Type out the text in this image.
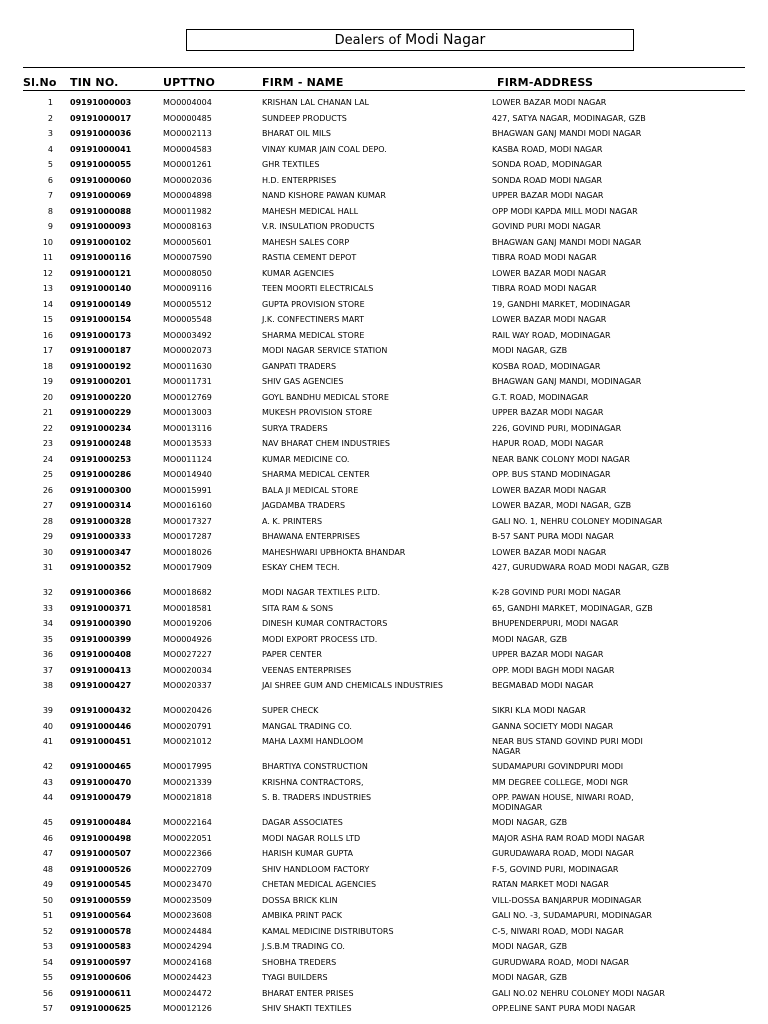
Dealers of Modi Nagar
Sl.No TIN NO.	UPTTNO	FIRM - NAME	FIRM-ADDRESS
1 09191000003	MO0004004	KRISHAN LAL CHANAN LAL	LOWER BAZAR MODI NAGAR
2 09191000017	MO0000485	SUNDEEP PRODUCTS	427, SATYA NAGAR, MODINAGAR, GZB
3 09191000036	MO0002113	BHARAT OIL MILS	BHAGWAN GANJ MANDI MODI NAGAR
4 09191000041	MO0004583	VINAY KUMAR JAIN COAL DEPO.	KASBA ROAD, MODI NAGAR
5 09191000055	MO0001261	GHR TEXTILES	SONDA ROAD, MODINAGAR
6 09191000060	MO0002036	H.D. ENTERPRISES	SONDA ROAD MODI NAGAR
7 09191000069	MO0004898	NAND KISHORE PAWAN KUMAR	UPPER BAZAR MODI NAGAR
8 09191000088	MO0011982	MAHESH MEDICAL HALL	OPP MODI KAPDA MILL MODI NAGAR
9 09191000093	MO0008163	V.R. INSULATION PRODUCTS	GOVIND PURI MODI NAGAR
10 09191000102	MO0005601	MAHESH SALES CORP	BHAGWAN GANJ MANDI MODI NAGAR
11 09191000116	MO0007590	RASTIA CEMENT DEPOT	TIBRA ROAD MODI NAGAR
12 09191000121	MO0008050	KUMAR AGENCIES	LOWER BAZAR MODI NAGAR
13 09191000140	MO0009116	TEEN MOORTI ELECTRICALS	TIBRA ROAD MODI NAGAR
14 09191000149	MO0005512	GUPTA PROVISION STORE	19, GANDHI MARKET, MODINAGAR
15 09191000154	MO0005548	J.K. CONFECTINERS MART	LOWER BAZAR MODI NAGAR
16 09191000173	MO0003492	SHARMA MEDICAL STORE	RAIL WAY ROAD, MODINAGAR
17 09191000187	MO0002073	MODI NAGAR SERVICE STATION	MODI NAGAR, GZB
18 09191000192	MO0011630	GANPATI TRADERS	KOSBA ROAD, MODINAGAR
19 09191000201	MO0011731	SHIV GAS AGENCIES	BHAGWAN GANJ MANDI, MODINAGAR
20 09191000220	MO0012769	GOYL BANDHU MEDICAL STORE	G.T. ROAD, MODINAGAR
21 09191000229	MO0013003	MUKESH PROVISION STORE	UPPER BAZAR MODI NAGAR
22 09191000234	MO0013116	SURYA TRADERS	226, GOVIND PURI, MODINAGAR
23 09191000248	MO0013533	NAV BHARAT CHEM INDUSTRIES	HAPUR ROAD, MODI NAGAR
24 09191000253	MO0011124	KUMAR MEDICINE CO.	NEAR BANK COLONY MODI NAGAR
25 09191000286	MO0014940	SHARMA MEDICAL CENTER	OPP. BUS STAND MODINAGAR
26 09191000300	MO0015991	BALA JI MEDICAL STORE	LOWER BAZAR MODI NAGAR
27 09191000314	MO0016160	JAGDAMBA TRADERS	LOWER BAZAR, MODI NAGAR, GZB
28 09191000328	MO0017327	A. K. PRINTERS	GALI NO. 1, NEHRU COLONEY MODINAGAR
29 09191000333	MO0017287	BHAWANA ENTERPRISES	B-57 SANT PURA MODI NAGAR
30 09191000347	MO0018026	MAHESHWARI UPBHOKTA BHANDAR	LOWER BAZAR MODI NAGAR
31 09191000352	MO0017909	ESKAY CHEM TECH.	427, GURUDWARA ROAD MODI NAGAR, GZB
32 09191000366	MO0018682	MODI NAGAR TEXTILES P.LTD.	K-28 GOVIND PURI MODI NAGAR
33 09191000371	MO0018581	SITA RAM & SONS	65, GANDHI MARKET, MODINAGAR, GZB
34 09191000390	MO0019206	DINESH KUMAR CONTRACTORS	BHUPENDERPURI, MODI NAGAR
35 09191000399	MO0004926	MODI EXPORT PROCESS LTD.	MODI NAGAR, GZB
36 09191000408	MO0027227	PAPER CENTER	UPPER BAZAR MODI NAGAR
37 09191000413	MO0020034	VEENAS ENTERPRISES	OPP. MODI BAGH MODI NAGAR
38 09191000427	MO0020337	JAI SHREE GUM AND CHEMICALS INDUSTRIES	BEGMABAD MODI NAGAR
39 09191000432	MO0020426	SUPER CHECK	SIKRI KLA MODI NAGAR
40 09191000446	MO0020791	MANGAL TRADING CO.	GANNA SOCIETY MODI NAGAR
41 09191000451	MO0021012	MAHA LAXMI HANDLOOM	NEAR BUS STAND GOVIND PURI MODI NAGAR
42 09191000465	MO0017995	BHARTIYA CONSTRUCTION	SUDAMAPURI GOVINDPURI MODI
43 09191000470	MO0021339	KRISHNA CONTRACTORS,	MM DEGREE COLLEGE, MODI NGR
44 09191000479	MO0021818	S. B. TRADERS INDUSTRIES	OPP. PAWAN HOUSE, NIWARI ROAD, MODINAGAR
45 09191000484	MO0022164	DAGAR ASSOCIATES	MODI NAGAR, GZB
46 09191000498	MO0022051	MODI NAGAR ROLLS LTD	MAJOR ASHA RAM ROAD MODI NAGAR
47 09191000507	MO0022366	HARISH KUMAR GUPTA	GURUDAWARA ROAD, MODI NAGAR
48 09191000526	MO0022709	SHIV HANDLOOM FACTORY	F-5, GOVIND PURI, MODINAGAR
49 09191000545	MO0023470	CHETAN MEDICAL AGENCIES	RATAN MARKET MODI NAGAR
50 09191000559	MO0023509	DOSSA BRICK KLIN	VILL-DOSSA BANJARPUR MODINAGAR
51 09191000564	MO0023608	AMBIKA PRINT PACK	GALI NO. -3, SUDAMAPURI, MODINAGAR
52 09191000578	MO0024484	KAMAL MEDICINE DISTRIBUTORS	C-5, NIWARI ROAD, MODI NAGAR
53 09191000583	MO0024294	J.S.B.M TRADING CO.	MODI NAGAR, GZB
54 09191000597	MO0024168	SHOBHA TREDERS	GURUDWARA ROAD, MODI NAGAR
55 09191000606	MO0024423	TYAGI BUILDERS	MODI NAGAR, GZB
56 09191000611	MO0024472	BHARAT ENTER PRISES	GALI NO.02 NEHRU COLONEY MODI NAGAR
57 09191000625	MO0012126	SHIV SHAKTI TEXTILES	OPP.ELINE SANT PURA MODI NAGAR
